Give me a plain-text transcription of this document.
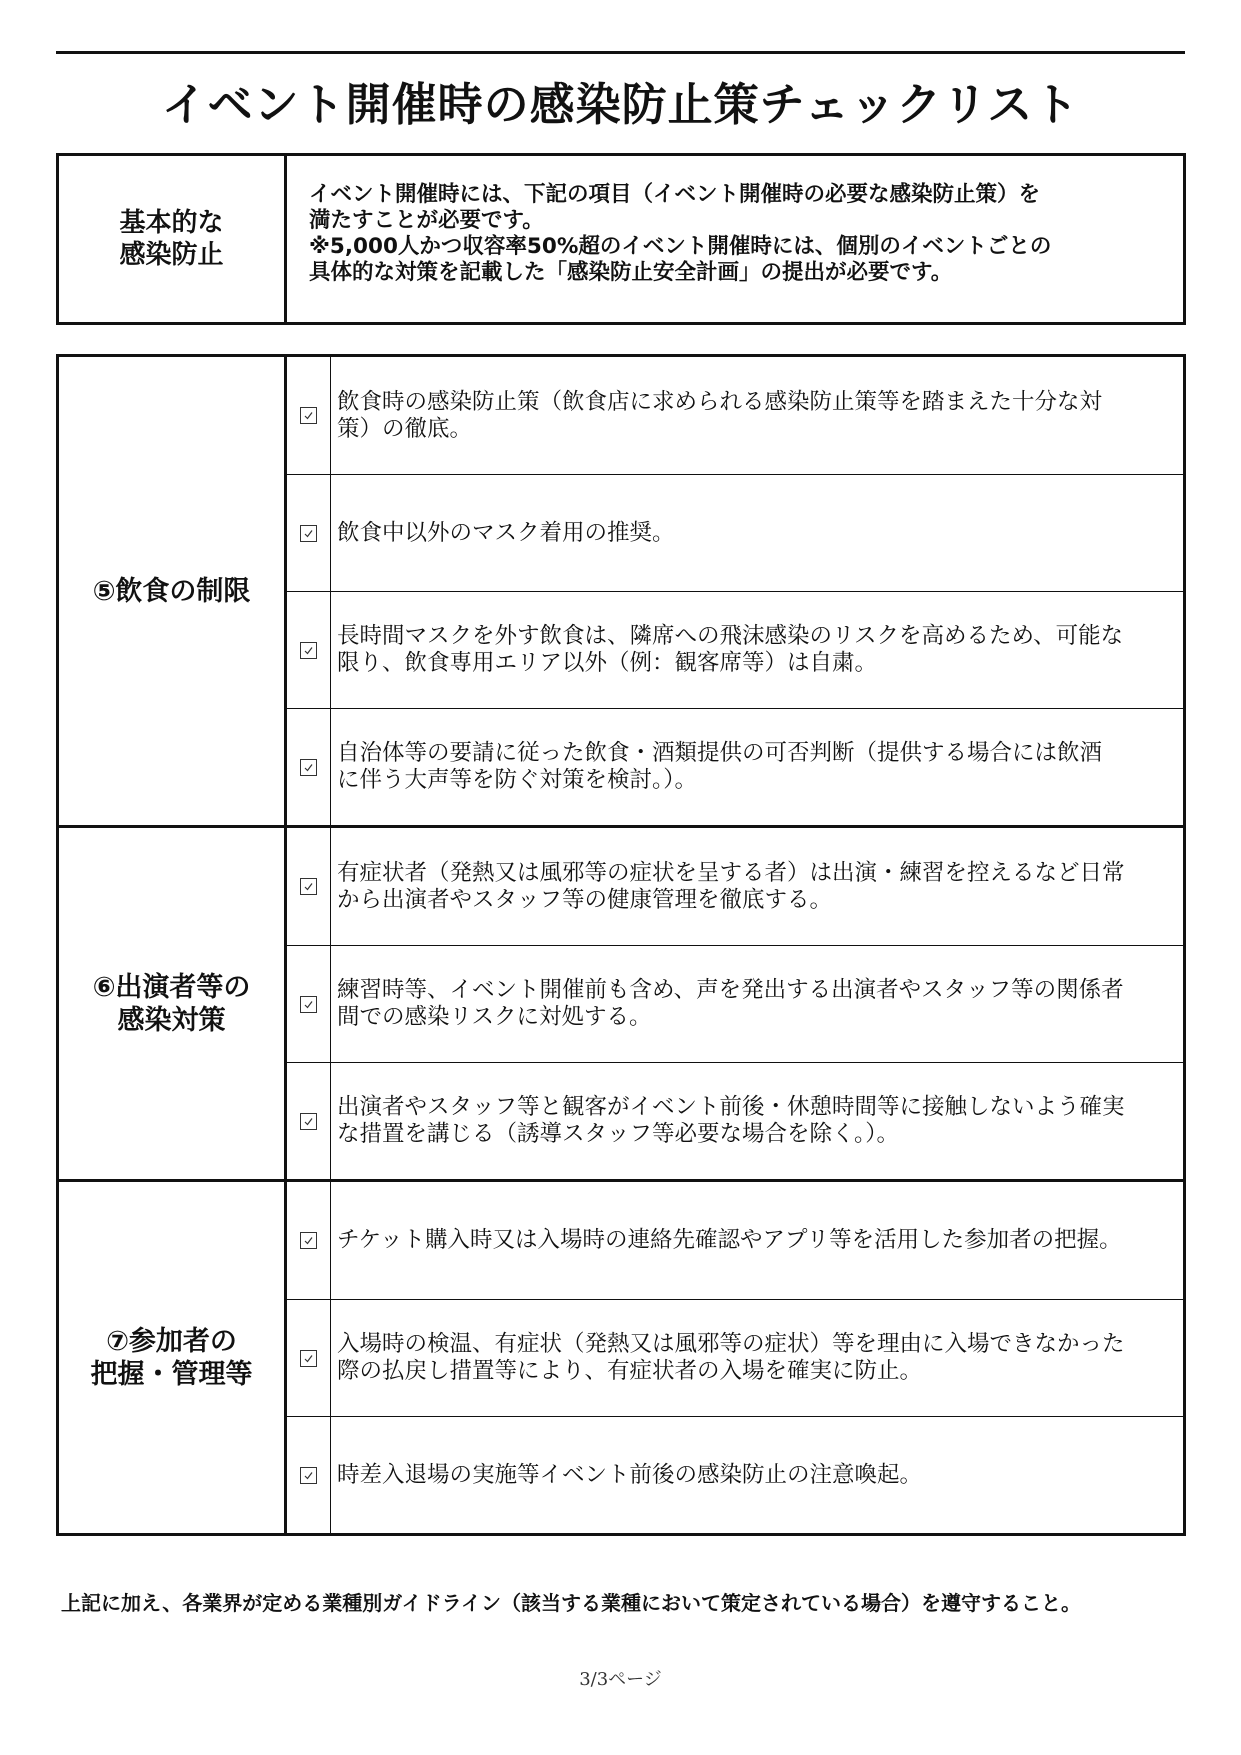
イベント開催時の感染防止策チェックリスト
基本的な
感染防止
イベント開催時には、下記の項目（イベント開催時の必要な感染防止策）を
満たすことが必要です。
※5,000人かつ収容率50%超のイベント開催時には、個別のイベントごとの
具体的な対策を記載した「感染防止安全計画」の提出が必要です。
⑤飲食の制限
飲食時の感染防止策（飲食店に求められる感染防止策等を踏まえた十分な対
策）の徹底。
飲食中以外のマスク着用の推奨。
長時間マスクを外す飲食は、隣席への飛沫感染のリスクを高めるため、可能な
限り、飲食専用エリア以外（例：観客席等）は自粛。
自治体等の要請に従った飲食・酒類提供の可否判断（提供する場合には飲酒
に伴う大声等を防ぐ対策を検討。）。
⑥出演者等の
感染対策
有症状者（発熱又は風邪等の症状を呈する者）は出演・練習を控えるなど日常
から出演者やスタッフ等の健康管理を徹底する。
練習時等、イベント開催前も含め、声を発出する出演者やスタッフ等の関係者
間での感染リスクに対処する。
出演者やスタッフ等と観客がイベント前後・休憩時間等に接触しないよう確実
な措置を講じる（誘導スタッフ等必要な場合を除く。）。
⑦参加者の
把握・管理等
チケット購入時又は入場時の連絡先確認やアプリ等を活用した参加者の把握。
入場時の検温、有症状（発熱又は風邪等の症状）等を理由に入場できなかった
際の払戻し措置等により、有症状者の入場を確実に防止。
時差入退場の実施等イベント前後の感染防止の注意喚起。
上記に加え、各業界が定める業種別ガイドライン（該当する業種において策定されている場合）を遵守すること。
3/3ページ
